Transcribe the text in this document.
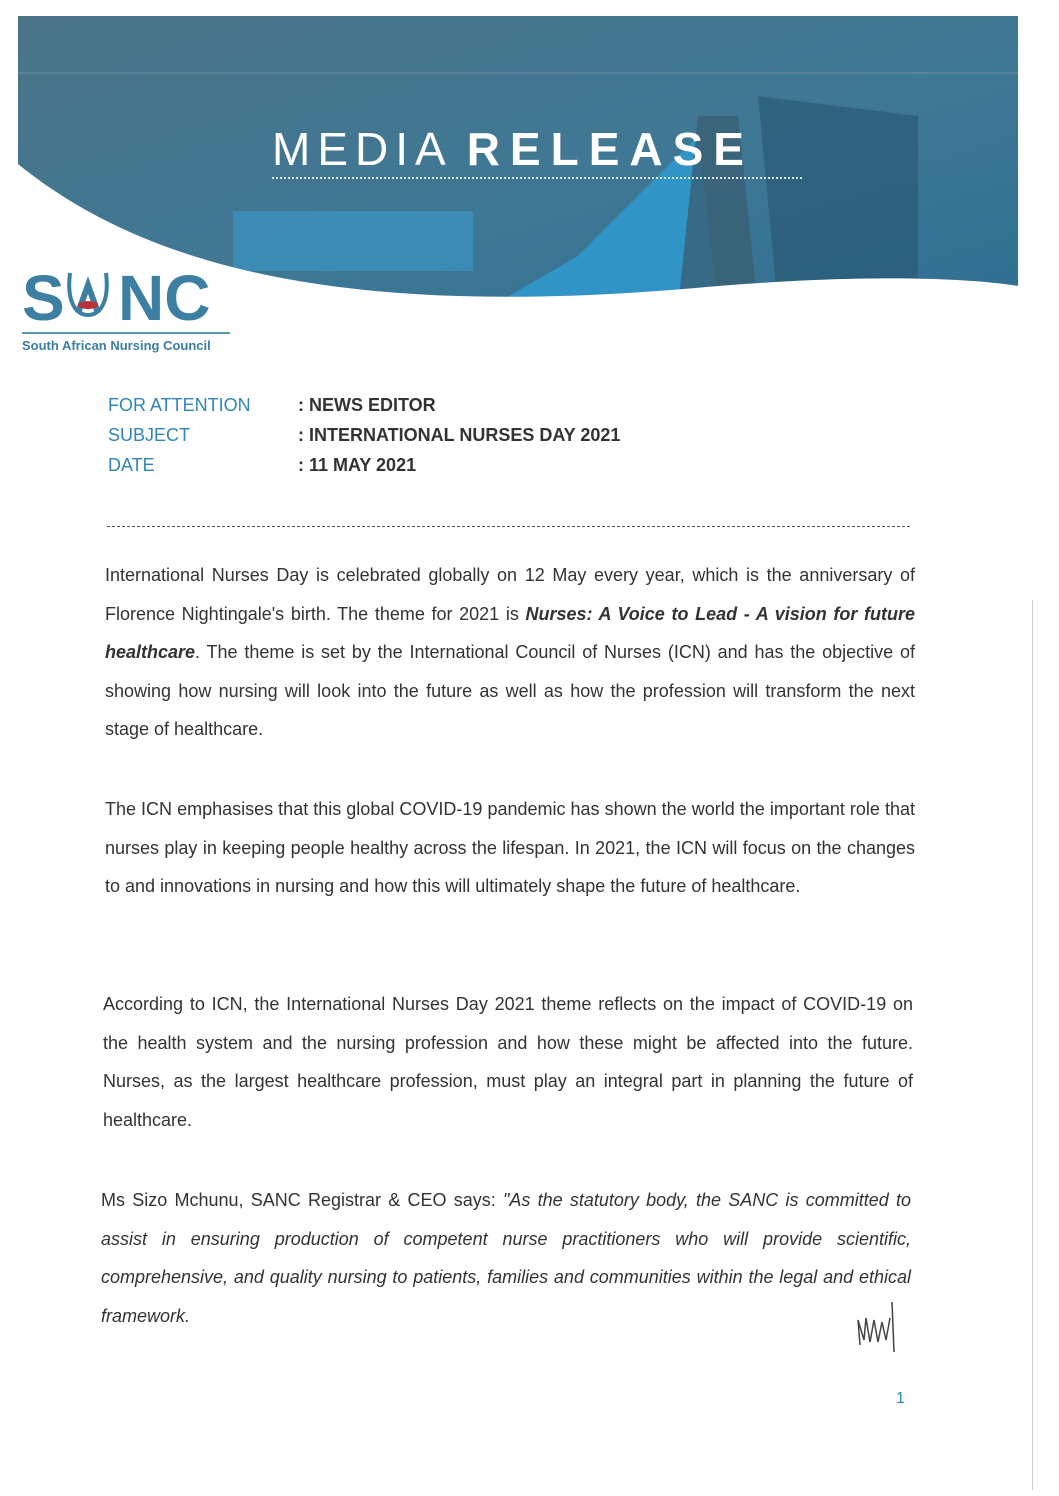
MEDIA RELEASE
S NC
South African Nursing Council
FOR ATTENTION	: NEWS EDITOR
SUBJECT	: INTERNATIONAL NURSES DAY 2021
DATE	: 11 MAY 2021
International Nurses Day is celebrated globally on 12 May every year, which is the anniversary of Florence Nightingale's birth. The theme for 2021 is Nurses: A Voice to Lead - A vision for future healthcare. The theme is set by the International Council of Nurses (ICN) and has the objective of showing how nursing will look into the future as well as how the profession will transform the next stage of healthcare.
The ICN emphasises that this global COVID-19 pandemic has shown the world the important role that nurses play in keeping people healthy across the lifespan. In 2021, the ICN will focus on the changes to and innovations in nursing and how this will ultimately shape the future of healthcare.
According to ICN, the International Nurses Day 2021 theme reflects on the impact of COVID-19 on the health system and the nursing profession and how these might be affected into the future. Nurses, as the largest healthcare profession, must play an integral part in planning the future of healthcare.
Ms Sizo Mchunu, SANC Registrar & CEO says: "As the statutory body, the SANC is committed to assist in ensuring production of competent nurse practitioners who will provide scientific, comprehensive, and quality nursing to patients, families and communities within the legal and ethical framework.
1
